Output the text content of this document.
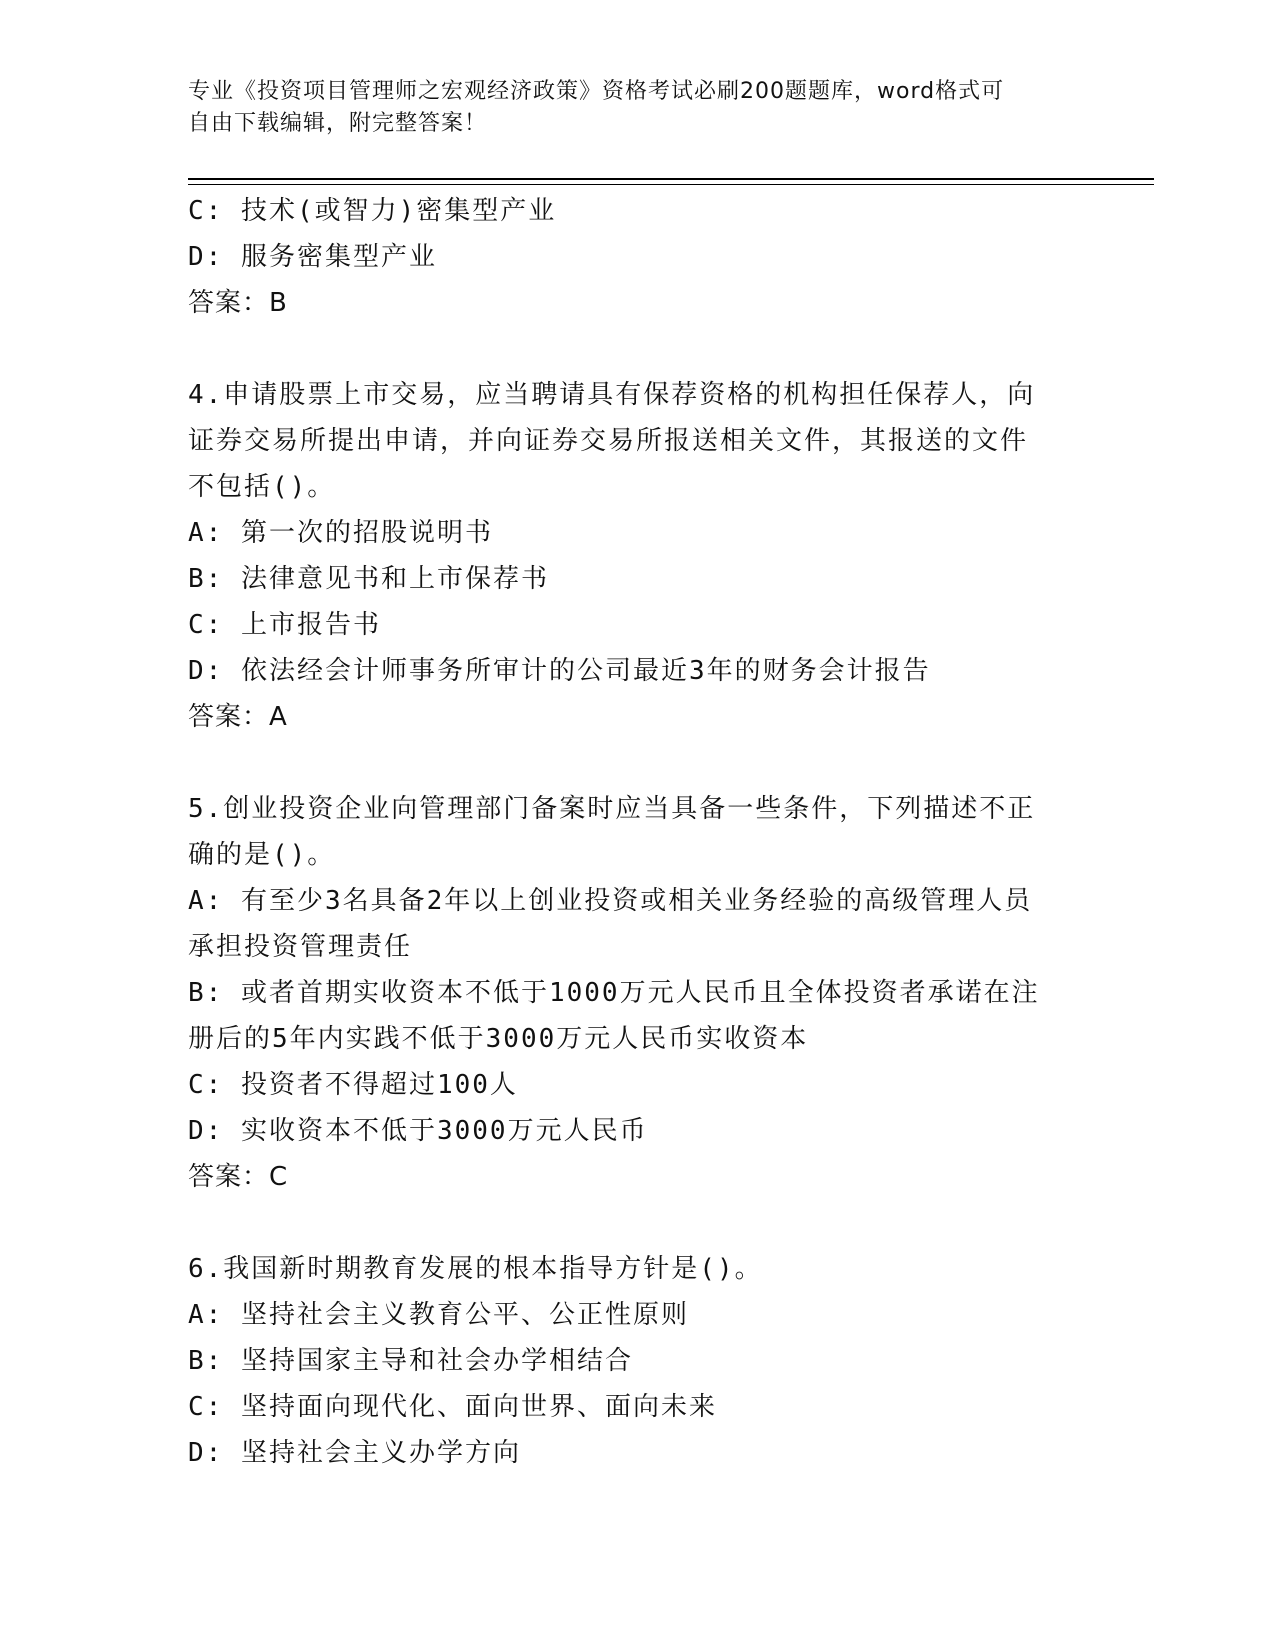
专业《投资项目管理师之宏观经济政策》资格考试必刷200题题库，word格式可
自由下载编辑，附完整答案！
C: 技术(或智力)密集型产业
D: 服务密集型产业
答案：B
4.申请股票上市交易，应当聘请具有保荐资格的机构担任保荐人，向
证券交易所提出申请，并向证券交易所报送相关文件，其报送的文件
不包括()。
A: 第一次的招股说明书
B: 法律意见书和上市保荐书
C: 上市报告书
D: 依法经会计师事务所审计的公司最近3年的财务会计报告
答案：A
5.创业投资企业向管理部门备案时应当具备一些条件，下列描述不正
确的是()。
A: 有至少3名具备2年以上创业投资或相关业务经验的高级管理人员
承担投资管理责任
B: 或者首期实收资本不低于1000万元人民币且全体投资者承诺在注
册后的5年内实践不低于3000万元人民币实收资本
C: 投资者不得超过100人
D: 实收资本不低于3000万元人民币
答案：C
6.我国新时期教育发展的根本指导方针是()。
A: 坚持社会主义教育公平、公正性原则
B: 坚持国家主导和社会办学相结合
C: 坚持面向现代化、面向世界、面向未来
D: 坚持社会主义办学方向
